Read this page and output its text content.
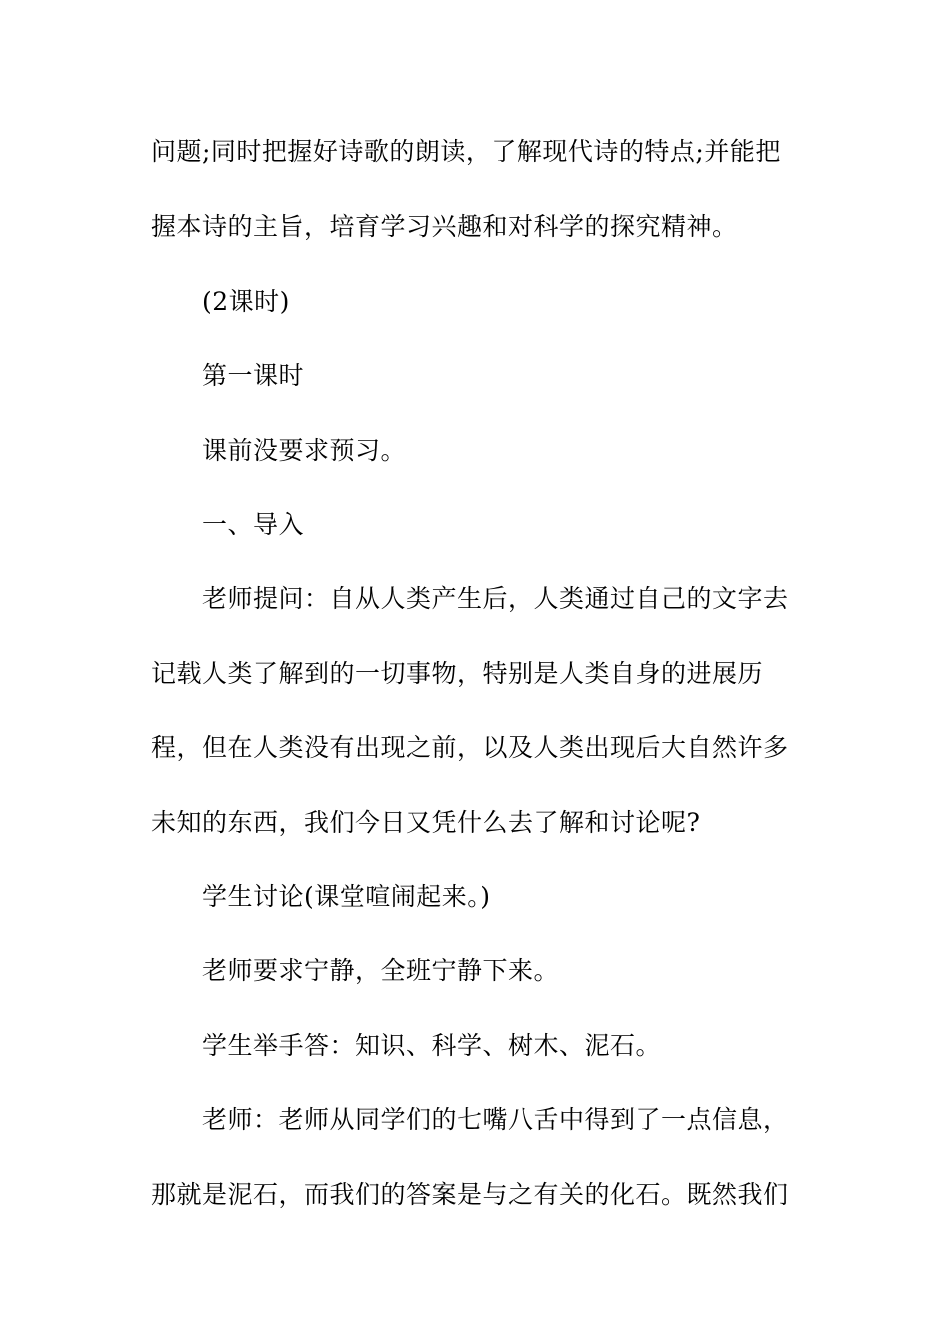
问题;同时把握好诗歌的朗读，了解现代诗的特点;并能把
握本诗的主旨，培育学习兴趣和对科学的探究精神。
(2课时)
第一课时
课前没要求预习。
一、导入
老师提问：自从人类产生后，人类通过自己的文字去
记载人类了解到的一切事物，特别是人类自身的进展历
程，但在人类没有出现之前，以及人类出现后大自然许多
未知的东西，我们今日又凭什么去了解和讨论呢?
学生讨论(课堂喧闹起来。)
老师要求宁静，全班宁静下来。
学生举手答：知识、科学、树木、泥石。
老师：老师从同学们的七嘴八舌中得到了一点信息，
那就是泥石，而我们的答案是与之有关的化石。既然我们
